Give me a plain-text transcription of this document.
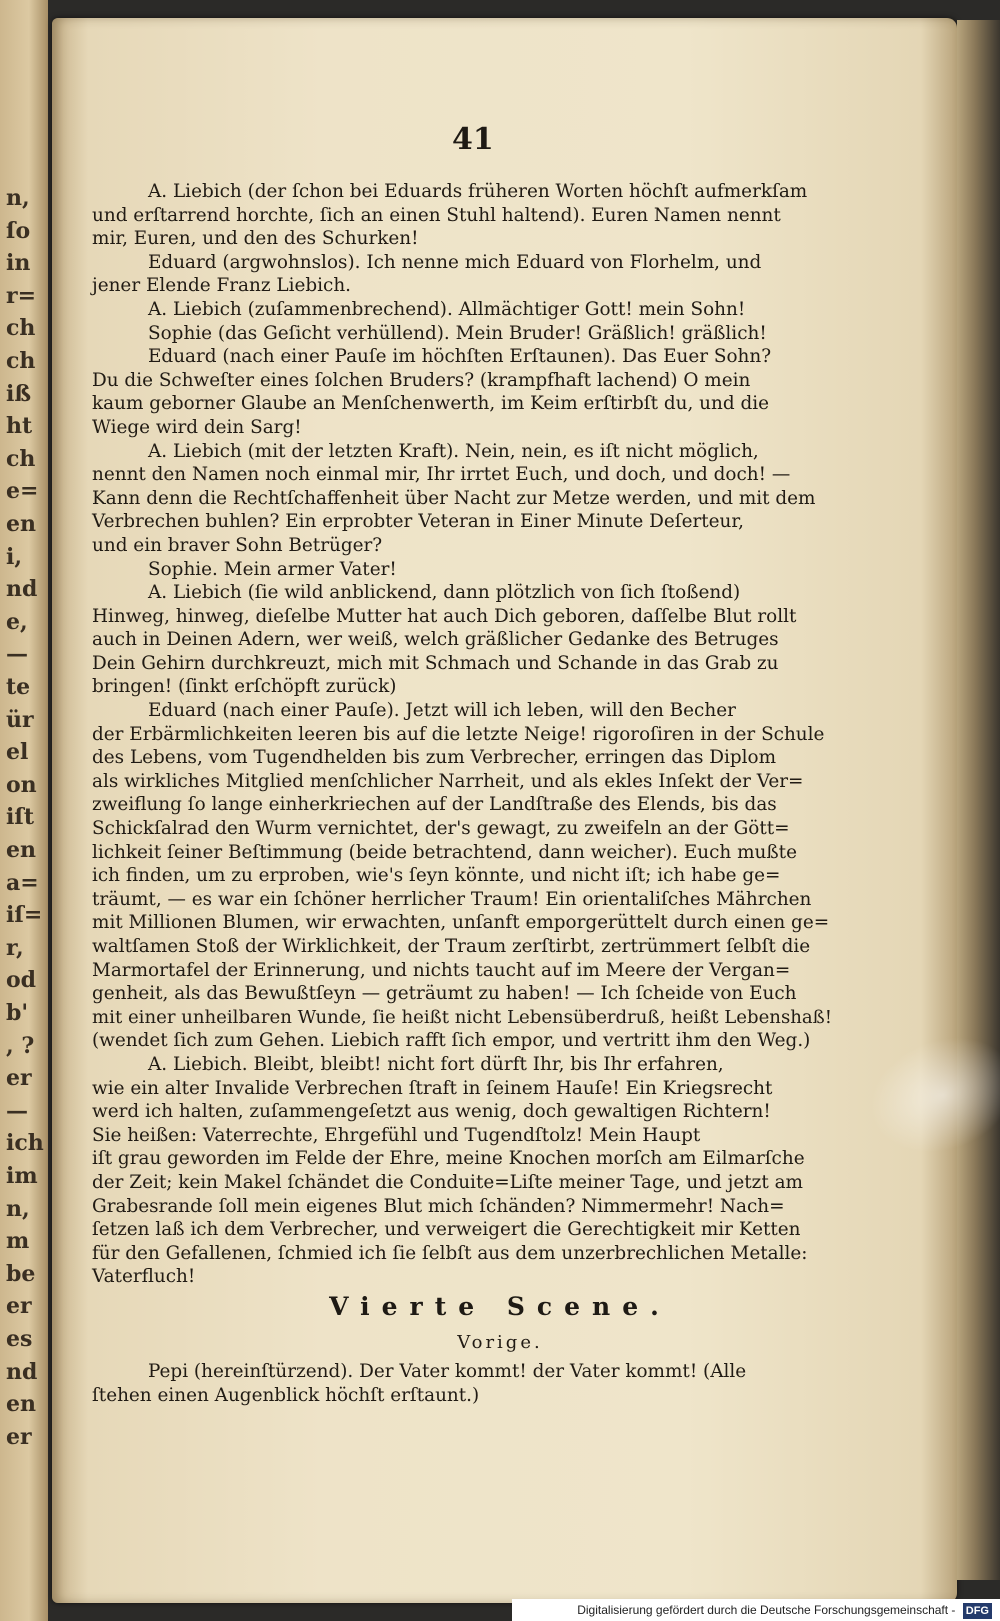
n,
ſo
in
r=
ch
ch
iß
ht
ch
e=
en
i,
nd
e,
—
te
ür
el
on
iſt
en
a=
iſ=
r,
od
b'
, ?
er
—
ich
im
n,
m
be
er
es
nd
en
er
41
A. Liebich (der ſchon bei Eduards früheren Worten höchſt aufmerkſam
und erſtarrend horchte, ſich an einen Stuhl haltend). Euren Namen nennt
mir, Euren, und den des Schurken!
Eduard (argwohnslos). Ich nenne mich Eduard von Florhelm, und
jener Elende Franz Liebich.
A. Liebich (zuſammenbrechend). Allmächtiger Gott! mein Sohn!
Sophie (das Geſicht verhüllend). Mein Bruder! Gräßlich! gräßlich!
Eduard (nach einer Pauſe im höchſten Erſtaunen). Das Euer Sohn?
Du die Schweſter eines ſolchen Bruders? (krampfhaft lachend) O mein
kaum geborner Glaube an Menſchenwerth, im Keim erſtirbſt du, und die
Wiege wird dein Sarg!
A. Liebich (mit der letzten Kraft). Nein, nein, es iſt nicht möglich,
nennt den Namen noch einmal mir, Ihr irrtet Euch, und doch, und doch! —
Kann denn die Rechtſchaffenheit über Nacht zur Metze werden, und mit dem
Verbrechen buhlen? Ein erprobter Veteran in Einer Minute Deſerteur,
und ein braver Sohn Betrüger?
Sophie. Mein armer Vater!
A. Liebich (ſie wild anblickend, dann plötzlich von ſich ſtoßend)
Hinweg, hinweg, dieſelbe Mutter hat auch Dich geboren, daſſelbe Blut rollt
auch in Deinen Adern, wer weiß, welch gräßlicher Gedanke des Betruges
Dein Gehirn durchkreuzt, mich mit Schmach und Schande in das Grab zu
bringen! (ſinkt erſchöpft zurück)
Eduard (nach einer Pauſe). Jetzt will ich leben, will den Becher
der Erbärmlichkeiten leeren bis auf die letzte Neige! rigoroſiren in der Schule
des Lebens, vom Tugendhelden bis zum Verbrecher, erringen das Diplom
als wirkliches Mitglied menſchlicher Narrheit, und als ekles Inſekt der Ver=
zweiflung ſo lange einherkriechen auf der Landſtraße des Elends, bis das
Schickſalrad den Wurm vernichtet, der's gewagt, zu zweifeln an der Gött=
lichkeit ſeiner Beſtimmung (beide betrachtend, dann weicher). Euch mußte
ich finden, um zu erproben, wie's ſeyn könnte, und nicht iſt; ich habe ge=
träumt, — es war ein ſchöner herrlicher Traum! Ein orientaliſches Mährchen
mit Millionen Blumen, wir erwachten, unſanft emporgerüttelt durch einen ge=
waltſamen Stoß der Wirklichkeit, der Traum zerſtirbt, zertrümmert ſelbſt die
Marmortafel der Erinnerung, und nichts taucht auf im Meere der Vergan=
genheit, als das Bewußtſeyn — geträumt zu haben! — Ich ſcheide von Euch
mit einer unheilbaren Wunde, ſie heißt nicht Lebensüberdruß, heißt Lebenshaß!
(wendet ſich zum Gehen. Liebich rafft ſich empor, und vertritt ihm den Weg.)
A. Liebich. Bleibt, bleibt! nicht fort dürft Ihr, bis Ihr erfahren,
wie ein alter Invalide Verbrechen ſtraft in ſeinem Hauſe! Ein Kriegsrecht
werd ich halten, zuſammengeſetzt aus wenig, doch gewaltigen Richtern!
Sie heißen: Vaterrechte, Ehrgefühl und Tugendſtolz! Mein Haupt
iſt grau geworden im Felde der Ehre, meine Knochen morſch am Eilmarſche
der Zeit; kein Makel ſchändet die Conduite=Liſte meiner Tage, und jetzt am
Grabesrande ſoll mein eigenes Blut mich ſchänden? Nimmermehr! Nach=
ſetzen laß ich dem Verbrecher, und verweigert die Gerechtigkeit mir Ketten
für den Gefallenen, ſchmied ich ſie ſelbſt aus dem unzerbrechlichen Metalle:
Vaterfluch!
Vierte Scene.
Vorige.
Pepi (hereinſtürzend). Der Vater kommt! der Vater kommt! (Alle
ſtehen einen Augenblick höchſt erſtaunt.)
Digitalisierung gefördert durch die Deutsche Forschungsgemeinschaft - DFG
